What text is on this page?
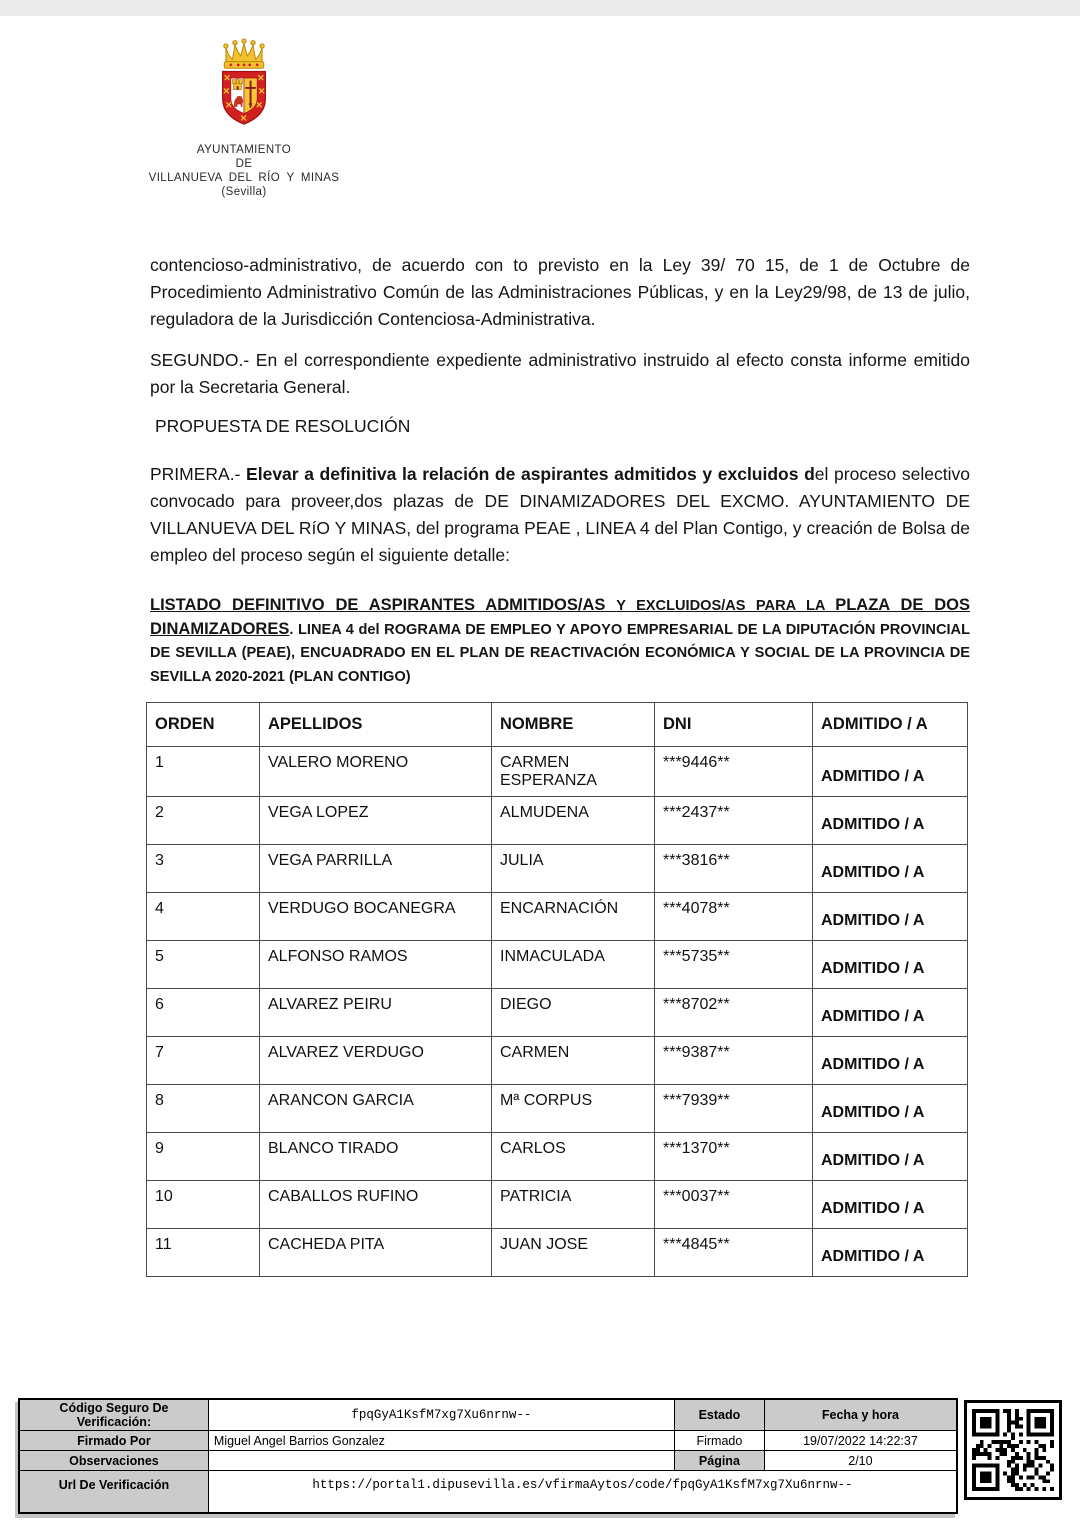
AYUNTAMIENTO
DE
VILLANUEVA DEL RÍO Y MINAS
(Sevilla)

contencioso-administrativo, de acuerdo con to previsto en la Ley 39/ 70 15, de 1 de Octubre de Procedimiento Administrativo Común de las Administraciones Públicas, y en la Ley29/98, de 13 de julio, reguladora de la Jurisdicción Contenciosa-Administrativa.

SEGUNDO.- En el correspondiente expediente administrativo instruido al efecto consta informe emitido por la Secretaria General.

PROPUESTA DE RESOLUCIÓN

PRIMERA.- Elevar a definitiva la relación de aspirantes admitidos y excluidos del proceso selectivo convocado para proveer,dos plazas de DE DINAMIZADORES DEL EXCMO. AYUNTAMIENTO DE VILLANUEVA DEL RíO Y MINAS, del programa PEAE , LINEA 4 del Plan Contigo, y creación de Bolsa de empleo del proceso según el siguiente detalle:

LISTADO DEFINITIVO DE ASPIRANTES ADMITIDOS/AS Y EXCLUIDOS/AS PARA LA PLAZA DE DOS DINAMIZADORES. LINEA 4 del ROGRAMA DE EMPLEO Y APOYO EMPRESARIAL DE LA DIPUTACIÓN PROVINCIAL DE SEVILLA (PEAE), ENCUADRADO EN EL PLAN DE REACTIVACIÓN ECONÓMICA Y SOCIAL DE LA PROVINCIA DE SEVILLA 2020-2021 (PLAN CONTIGO)

ORDEN	APELLIDOS	NOMBRE	DNI	ADMITIDO / A
1	VALERO MORENO	CARMEN ESPERANZA	***9446**	ADMITIDO / A
2	VEGA LOPEZ	ALMUDENA	***2437**	ADMITIDO / A
3	VEGA PARRILLA	JULIA	***3816**	ADMITIDO / A
4	VERDUGO BOCANEGRA	ENCARNACIÓN	***4078**	ADMITIDO / A
5	ALFONSO RAMOS	INMACULADA	***5735**	ADMITIDO / A
6	ALVAREZ PEIRU	DIEGO	***8702**	ADMITIDO / A
7	ALVAREZ VERDUGO	CARMEN	***9387**	ADMITIDO / A
8	ARANCON GARCIA	Mª CORPUS	***7939**	ADMITIDO / A
9	BLANCO TIRADO	CARLOS	***1370**	ADMITIDO / A
10	CABALLOS RUFINO	PATRICIA	***0037**	ADMITIDO / A
11	CACHEDA PITA	JUAN JOSE	***4845**	ADMITIDO / A
Código Seguro De Verificación:	fpqGyA1KsfM7xg7Xu6nrnw--	Estado	Fecha y hora
Firmado Por	Miguel Angel Barrios Gonzalez	Firmado	19/07/2022 14:22:37
Observaciones		Página	2/10
Url De Verificación	https://portal1.dipusevilla.es/vfirmaAytos/code/fpqGyA1KsfM7xg7Xu6nrnw--		
